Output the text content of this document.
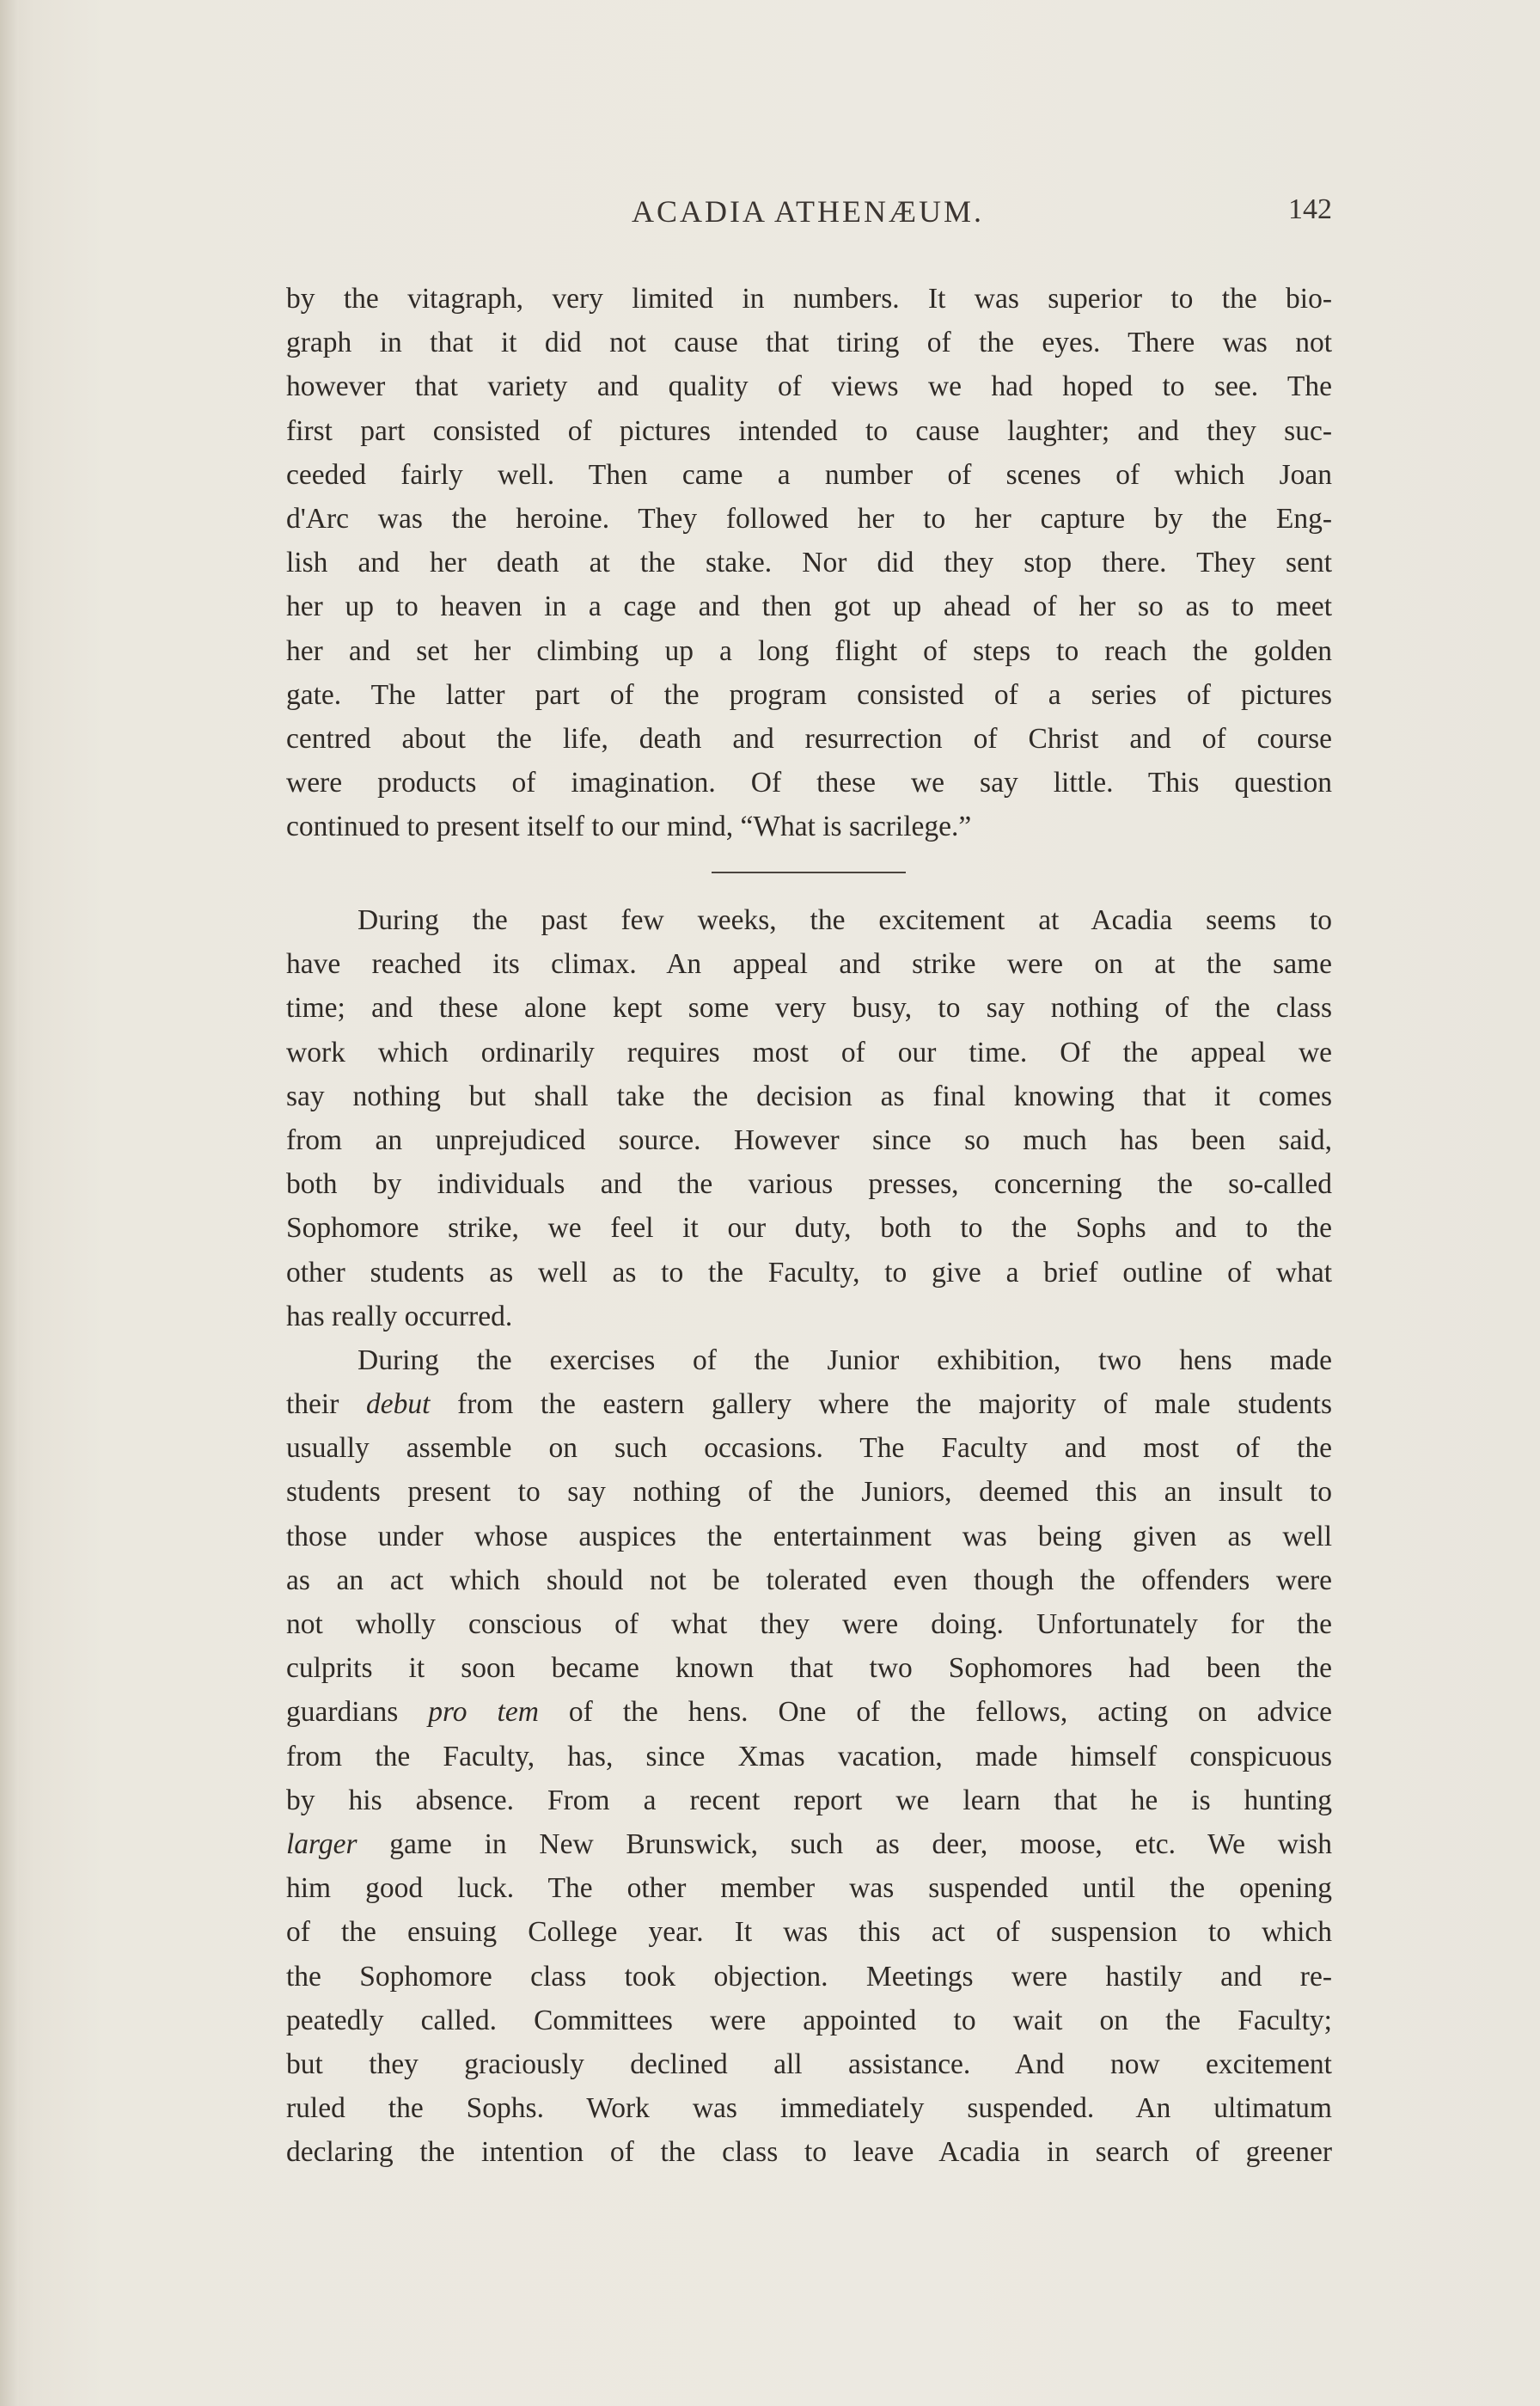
ACADIA ATHENÆUM.	142
by the vitagraph, very limited in numbers. It was superior to the bio-
graph in that it did not cause that tiring of the eyes. There was not
however that variety and quality of views we had hoped to see. The
first part consisted of pictures intended to cause laughter; and they suc-
ceeded fairly well. Then came a number of scenes of which Joan
d'Arc was the heroine. They followed her to her capture by the Eng-
lish and her death at the stake. Nor did they stop there. They sent
her up to heaven in a cage and then got up ahead of her so as to meet
her and set her climbing up a long flight of steps to reach the golden
gate. The latter part of the program consisted of a series of pictures
centred about the life, death and resurrection of Christ and of course
were products of imagination. Of these we say little. This question
continued to present itself to our mind, “What is sacrilege.”
During the past few weeks, the excitement at Acadia seems to
have reached its climax. An appeal and strike were on at the same
time; and these alone kept some very busy, to say nothing of the class
work which ordinarily requires most of our time. Of the appeal we
say nothing but shall take the decision as final knowing that it comes
from an unprejudiced source. However since so much has been said,
both by individuals and the various presses, concerning the so-called
Sophomore strike, we feel it our duty, both to the Sophs and to the
other students as well as to the Faculty, to give a brief outline of what
has really occurred.
During the exercises of the Junior exhibition, two hens made
their debut from the eastern gallery where the majority of male students
usually assemble on such occasions. The Faculty and most of the
students present to say nothing of the Juniors, deemed this an insult to
those under whose auspices the entertainment was being given as well
as an act which should not be tolerated even though the offenders were
not wholly conscious of what they were doing. Unfortunately for the
culprits it soon became known that two Sophomores had been the
guardians pro tem of the hens. One of the fellows, acting on advice
from the Faculty, has, since Xmas vacation, made himself conspicuous
by his absence. From a recent report we learn that he is hunting
larger game in New Brunswick, such as deer, moose, etc. We wish
him good luck. The other member was suspended until the opening
of the ensuing College year. It was this act of suspension to which
the Sophomore class took objection. Meetings were hastily and re-
peatedly called. Committees were appointed to wait on the Faculty;
but they graciously declined all assistance. And now excitement
ruled the Sophs. Work was immediately suspended. An ultimatum
declaring the intention of the class to leave Acadia in search of greener
